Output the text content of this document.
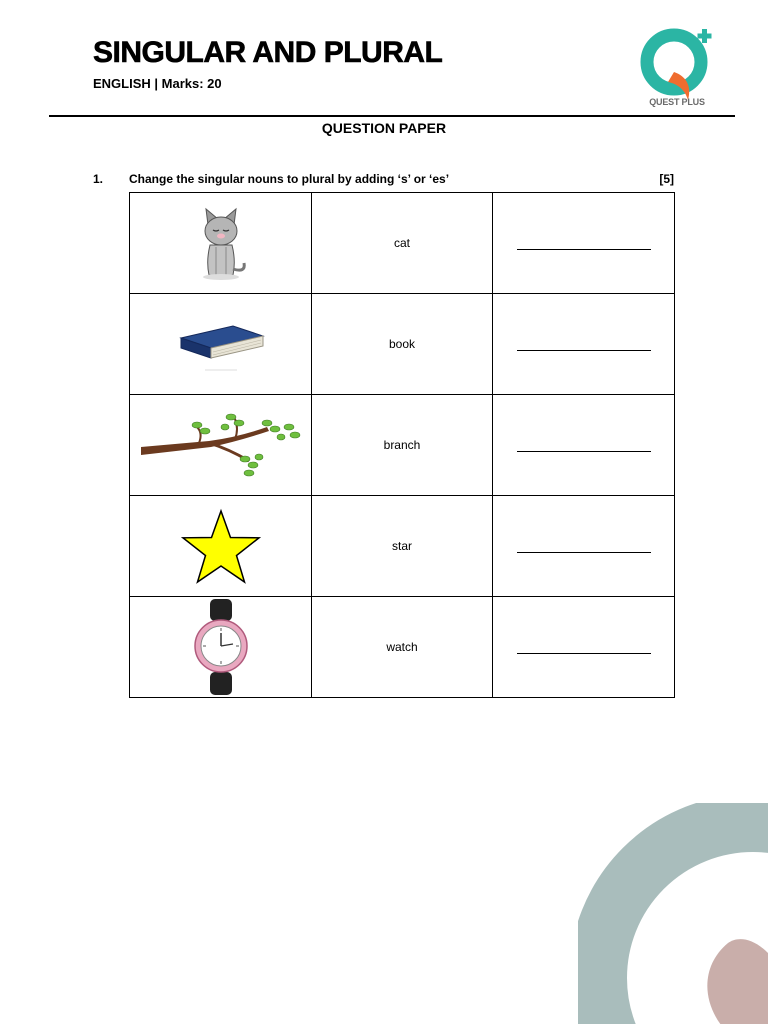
SINGULAR AND PLURAL
ENGLISH | Marks: 20
QUEST PLUS
QUESTION PAPER
1. Change the singular nouns to plural by adding ‘s’ or ‘es’	[5]
	cat	

	book	

	branch	

	star	

	watch	
